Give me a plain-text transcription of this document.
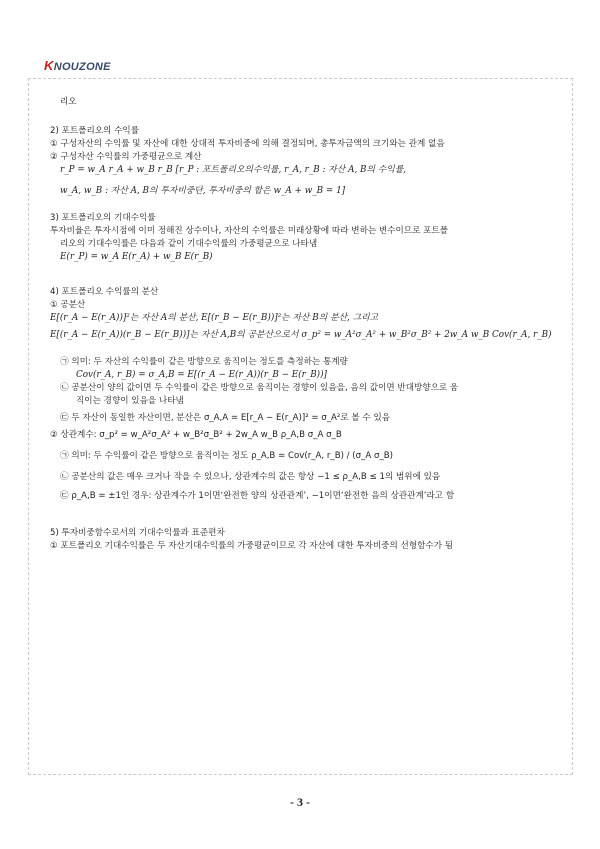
KNOUZONE

리오

2) 포트폴리오의 수익률

① 구성자산의 수익률 및 자산에 대한 상대적 투자비중에 의해 결정되며, 총투자금액의 크기와는 관계 없음

② 구성자산 수익률의 가중평균으로 계산

r_P = w_A r_A + w_B r_B [r_P : 포트폴리오의수익률, r_A, r_B : 자산 A, B의 수익률,

w_A, w_B : 자산 A, B의 투자비중단, 투자비중의 합은 w_A + w_B = 1]

3) 포트폴리오의 기대수익률

투자비율은 투자시점에 이미 정해진 상수이나, 자산의 수익률은 미래상황에 따라 변하는 변수이므로 포트폴

리오의 기대수익률은 다음과 같이 기대수익률의 가중평균으로 나타냄

E(r_P) = w_A E(r_A) + w_B E(r_B)

4) 포트폴리오 수익률의 분산

① 공분산

E[(r_A − E(r_A))]²는 자산 A의 분산, E[(r_B − E(r_B))]²는 자산 B의 분산, 그리고

E[(r_A − E(r_A))(r_B − E(r_B))]는 자산 A,B의 공분산으로서 σ_p² = w_A²σ_A² + w_B²σ_B² + 2w_A w_B Cov(r_A, r_B)

㉠ 의미: 두 자산의 수익률이 같은 방향으로 움직이는 정도를 측정하는 통계량

Cov(r_A, r_B) = σ_A,B = E[(r_A − E(r_A))(r_B − E(r_B))]

㉡ 공분산이 양의 값이면 두 수익률이 같은 방향으로 움직이는 경향이 있음을, 음의 값이면 반대방향으로 움

직이는 경향이 있음을 나타냄

㉢ 두 자산이 동일한 자산이면, 분산은 σ_A,A = E[r_A − E(r_A)]² = σ_A²로 볼 수 있음

② 상관계수: σ_p² = w_A²σ_A² + w_B²σ_B² + 2w_A w_B ρ_A,B σ_A σ_B

㉠ 의미: 두 수익률이 같은 방향으로 움직이는 정도 ρ_A,B = Cov(r_A, r_B) / (σ_A σ_B)

㉡ 공분산의 값은 매우 크거나 작을 수 있으나, 상관계수의 값은 항상 −1 ≤ ρ_A,B ≤ 1의 범위에 있음

㉢ ρ_A,B = ±1인 경우: 상관계수가 1이면‘완전한 양의 상관관계’, −1이면‘완전한 음의 상관관계’라고 함

5) 투자비중함수로서의 기대수익률과 표준편차

① 포트폴리오 기대수익률은 두 자산기대수익률의 가중평균이므로 각 자산에 대한 투자비중의 선형함수가 됨

- 3 -
